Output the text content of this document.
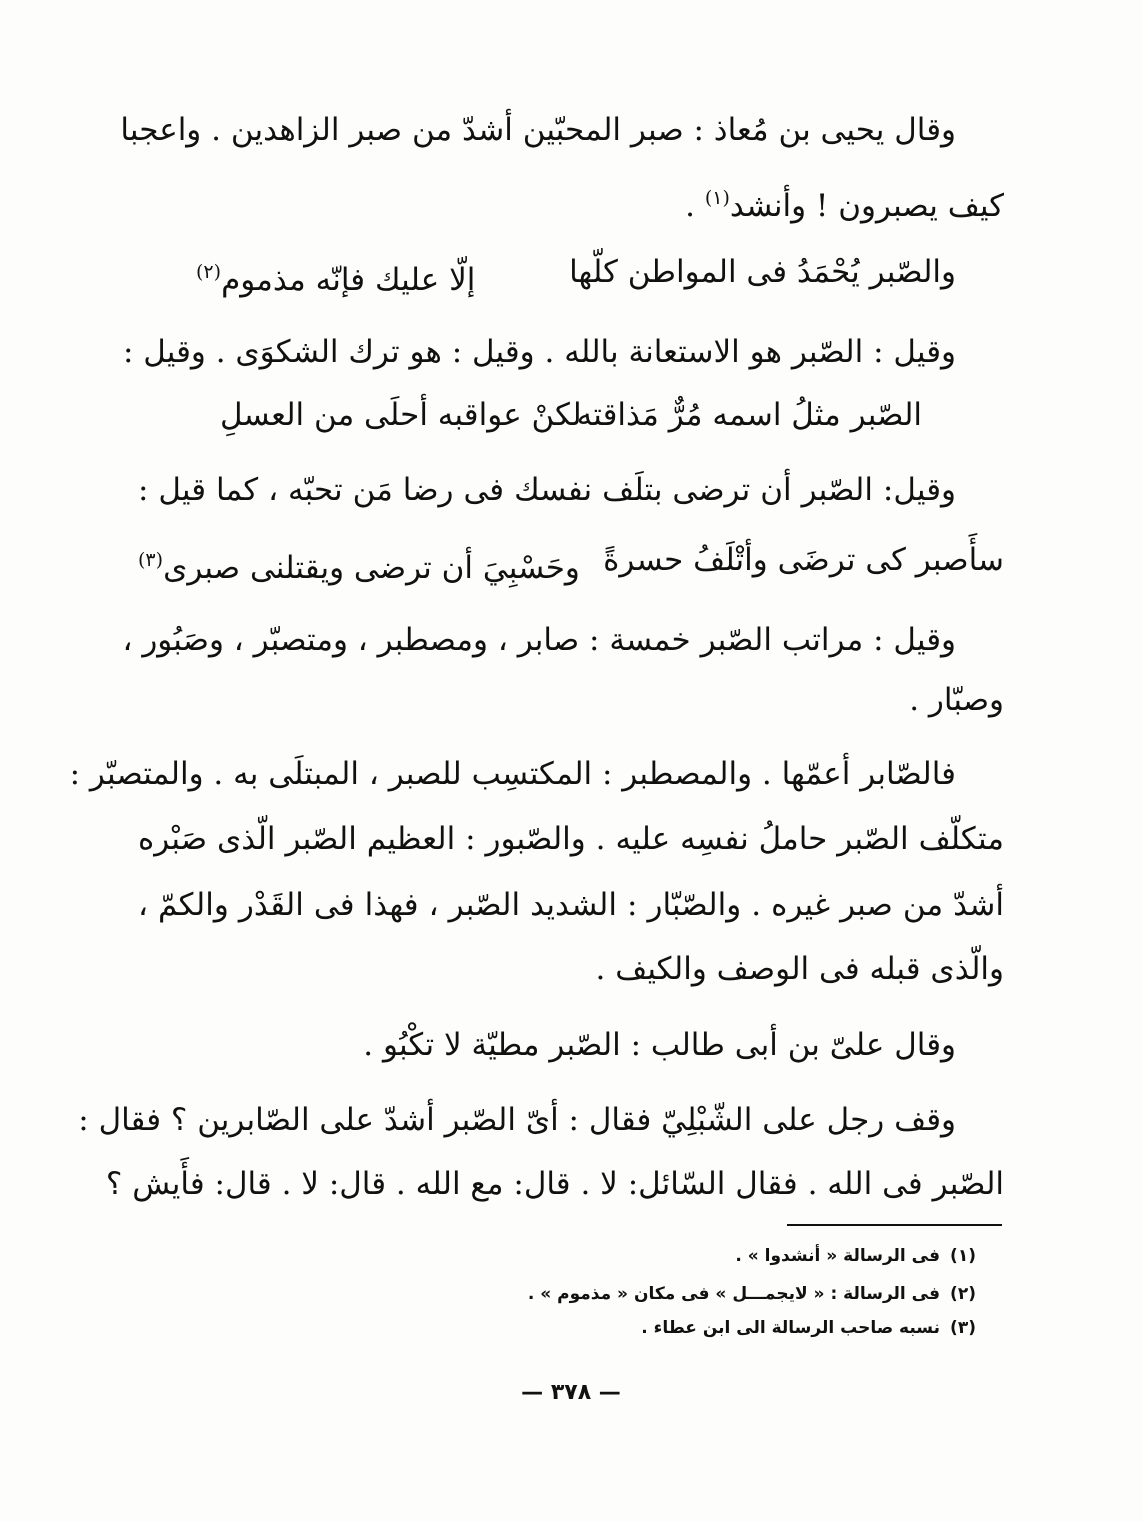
وقال يحيى بن مُعاذ : صبر المحبّين أشدّ من صبر الزاهدين . واعجبا
كيف يصبرون ! وأنشد$^{(١)}$ .
والصّبر يُحْمَدُ فى المواطن كلّها
إلّا عليك فإنّه مذموم$^{(٢)}$
وقيل : الصّبر هو الاستعانة بالله . وقيل : هو ترك الشكوَى . وقيل :
الصّبر مثلُ اسمه مُرٌّ مَذاقته
لكنْ عواقبه أحلَى من العسلِ
وقيل: الصّبر أن ترضى بتلَف نفسك فى رضا مَن تحبّه ، كما قيل :
سأَصبر كى ترضَى وأتْلَفُ حسرةً
وحَسْبِيَ أن ترضى ويقتلنى صبرى$^{(٣)}$
وقيل : مراتب الصّبر خمسة : صابر ، ومصطبر ، ومتصبّر ، وصَبُور ،
وصبّار .
فالصّابر أعمّها . والمصطبر : المكتسِب للصبر ، المبتلَى به . والمتصبّر :
متكلّف الصّبر حاملُ نفسِه عليه . والصّبور : العظيم الصّبر الّذى صَبْره
أشدّ من صبر غيره . والصّبّار : الشديد الصّبر ، فهذا فى القَدْر والكمّ ،
والّذى قبله فى الوصف والكيف .
وقال علىّ بن أبى طالب : الصّبر مطيّة لا تكْبُو .
وقف رجل على الشّبْلِيّ فقال : أىّ الصّبر أشدّ على الصّابرين ؟ فقال :
الصّبر فى الله . فقال السّائل: لا . قال: مع الله . قال: لا . قال: فأَيش ؟
(١)فى الرسالة « أنشدوا » .
(٢)فى الرسالة : « لايجمـــل » فى مكان « مذموم » .
(٣)نسبه صاحب الرسالة الى ابن عطاء .
— ٣٧٨ —
